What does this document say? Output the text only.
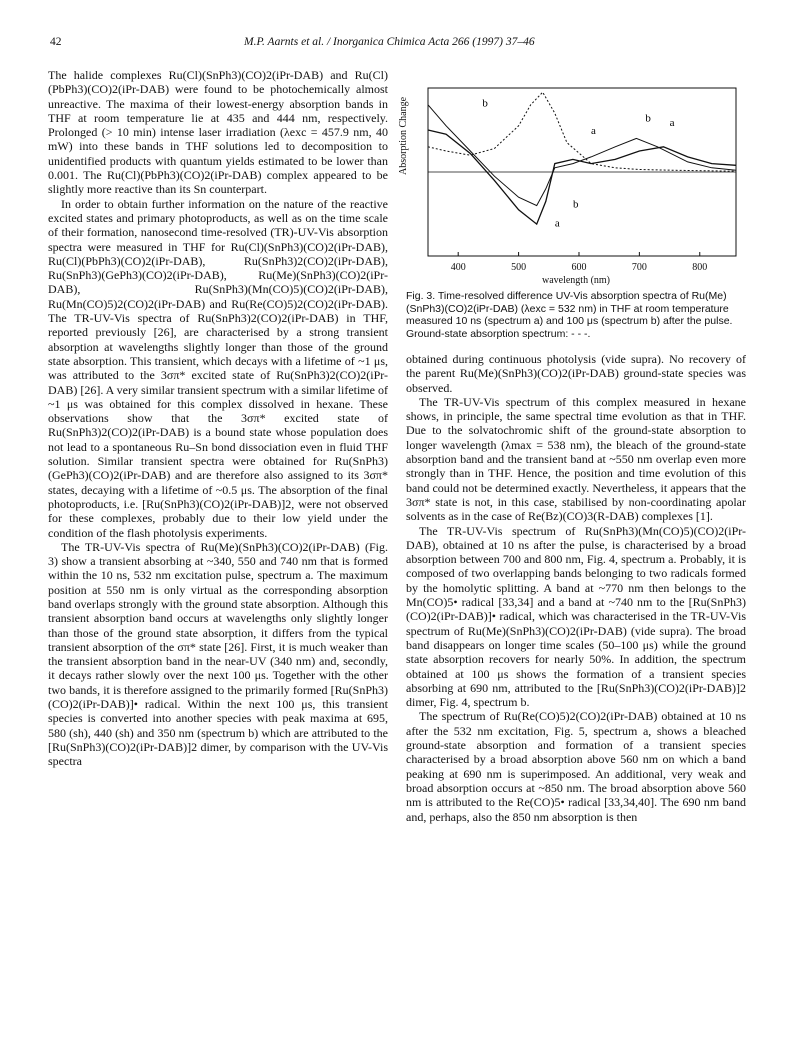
42	M.P. Aarnts et al. / Inorganica Chimica Acta 266 (1997) 37–46

The halide complexes Ru(Cl)(SnPh3)(CO)2(iPr-DAB) and Ru(Cl)(PbPh3)(CO)2(iPr-DAB) were found to be photochemically almost unreactive. The maxima of their lowest-energy absorption bands in THF at room temperature lie at 435 and 444 nm, respectively. Prolonged (> 10 min) intense laser irradiation (λexc = 457.9 nm, 40 mW) into these bands in THF solutions led to decomposition to unidentified products with quantum yields estimated to be lower than 0.001. The Ru(Cl)(PbPh3)(CO)2(iPr-DAB) complex appeared to be slightly more reactive than its Sn counterpart.

In order to obtain further information on the nature of the reactive excited states and primary photoproducts, as well as on the time scale of their formation, nanosecond time-resolved (TR)-UV-Vis absorption spectra were measured in THF for Ru(Cl)(SnPh3)(CO)2(iPr-DAB), Ru(Cl)(PbPh3)(CO)2(iPr-DAB), Ru(SnPh3)2(CO)2(iPr-DAB), Ru(SnPh3)(GePh3)(CO)2(iPr-DAB), Ru(Me)(SnPh3)(CO)2(iPr-DAB), Ru(SnPh3)(Mn(CO)5)(CO)2(iPr-DAB), Ru(Mn(CO)5)2(CO)2(iPr-DAB) and Ru(Re(CO)5)2(CO)2(iPr-DAB). The TR-UV-Vis spectra of Ru(SnPh3)2(CO)2(iPr-DAB) in THF, reported previously [26], are characterised by a strong transient absorption at wavelengths slightly longer than those of the ground state absorption. This transient, which decays with a lifetime of ~1 μs, was attributed to the 3σπ* excited state of Ru(SnPh3)2(CO)2(iPr-DAB) [26]. A very similar transient spectrum with a similar lifetime of ~1 μs was obtained for this complex dissolved in hexane. These observations show that the 3σπ* excited state of Ru(SnPh3)2(CO)2(iPr-DAB) is a bound state whose population does not lead to a spontaneous Ru–Sn bond dissociation even in fluid THF solution. Similar transient spectra were obtained for Ru(SnPh3)(GePh3)(CO)2(iPr-DAB) and are therefore also assigned to its 3σπ* states, decaying with a lifetime of ~0.5 μs. The absorption of the final photoproducts, i.e. [Ru(SnPh3)(CO)2(iPr-DAB)]2, were not observed for these complexes, probably due to their low yield under the condition of the flash photolysis experiments.

The TR-UV-Vis spectra of Ru(Me)(SnPh3)(CO)2(iPr-DAB) (Fig. 3) show a transient absorbing at ~340, 550 and 740 nm that is formed within the 10 ns, 532 nm excitation pulse, spectrum a. The maximum position at 550 nm is only virtual as the corresponding absorption band overlaps strongly with the ground state absorption. Although this transient absorption band occurs at wavelengths only slightly longer than those of the ground state absorption, it differs from the typical transient absorption of the σπ* state [26]. First, it is much weaker than the transient absorption band in the near-UV (340 nm) and, secondly, it decays rather slowly over the next 100 μs. Together with the other two bands, it is therefore assigned to the primarily formed [Ru(SnPh3)(CO)2(iPr-DAB)]• radical. Within the next 100 μs, this transient species is converted into another species with peak maxima at 695, 580 (sh), 440 (sh) and 350 nm (spectrum b) which are attributed to the [Ru(SnPh3)(CO)2(iPr-DAB)]2 dimer, by comparison with the UV-Vis spectra

b
a
b a
b
a
400	500	600	700	800
Absorption Change
wavelength (nm)
Fig. 3. Time-resolved difference UV-Vis absorption spectra of Ru(Me)(SnPh3)(CO)2(iPr-DAB) (λexc = 532 nm) in THF at room temperature measured 10 ns (spectrum a) and 100 μs (spectrum b) after the pulse. Ground-state absorption spectrum: - - -.

obtained during continuous photolysis (vide supra). No recovery of the parent Ru(Me)(SnPh3)(CO)2(iPr-DAB) ground-state species was observed.

The TR-UV-Vis spectrum of this complex measured in hexane shows, in principle, the same spectral time evolution as that in THF. Due to the solvatochromic shift of the ground-state absorption to longer wavelength (λmax = 538 nm), the bleach of the ground-state absorption band and the transient band at ~550 nm overlap even more strongly than in THF. Hence, the position and time evolution of this band could not be determined exactly. Nevertheless, it appears that the 3σπ* state is not, in this case, stabilised by non-coordinating apolar solvents as in the case of Re(Bz)(CO)3(R-DAB) complexes [1].

The TR-UV-Vis spectrum of Ru(SnPh3)(Mn(CO)5)(CO)2(iPr-DAB), obtained at 10 ns after the pulse, is characterised by a broad absorption between 700 and 800 nm, Fig. 4, spectrum a. Probably, it is composed of two overlapping bands belonging to two radicals formed by the homolytic splitting. A band at ~770 nm then belongs to the Mn(CO)5• radical [33,34] and a band at ~740 nm to the [Ru(SnPh3)(CO)2(iPr-DAB)]• radical, which was characterised in the TR-UV-Vis spectrum of Ru(Me)(SnPh3)(CO)2(iPr-DAB) (vide supra). The broad band disappears on longer time scales (50–100 μs) while the ground state absorption recovers for nearly 50%. In addition, the spectrum obtained at 100 μs shows the formation of a transient species absorbing at 690 nm, attributed to the [Ru(SnPh3)(CO)2(iPr-DAB)]2 dimer, Fig. 4, spectrum b.

The spectrum of Ru(Re(CO)5)2(CO)2(iPr-DAB) obtained at 10 ns after the 532 nm excitation, Fig. 5, spectrum a, shows a bleached ground-state absorption and formation of a transient species characterised by a broad absorption above 560 nm on which a band peaking at 690 nm is superimposed. An additional, very weak and broad absorption occurs at ~850 nm. The broad absorption above 560 nm is attributed to the Re(CO)5• radical [33,34,40]. The 690 nm band and, perhaps, also the 850 nm absorption is then
